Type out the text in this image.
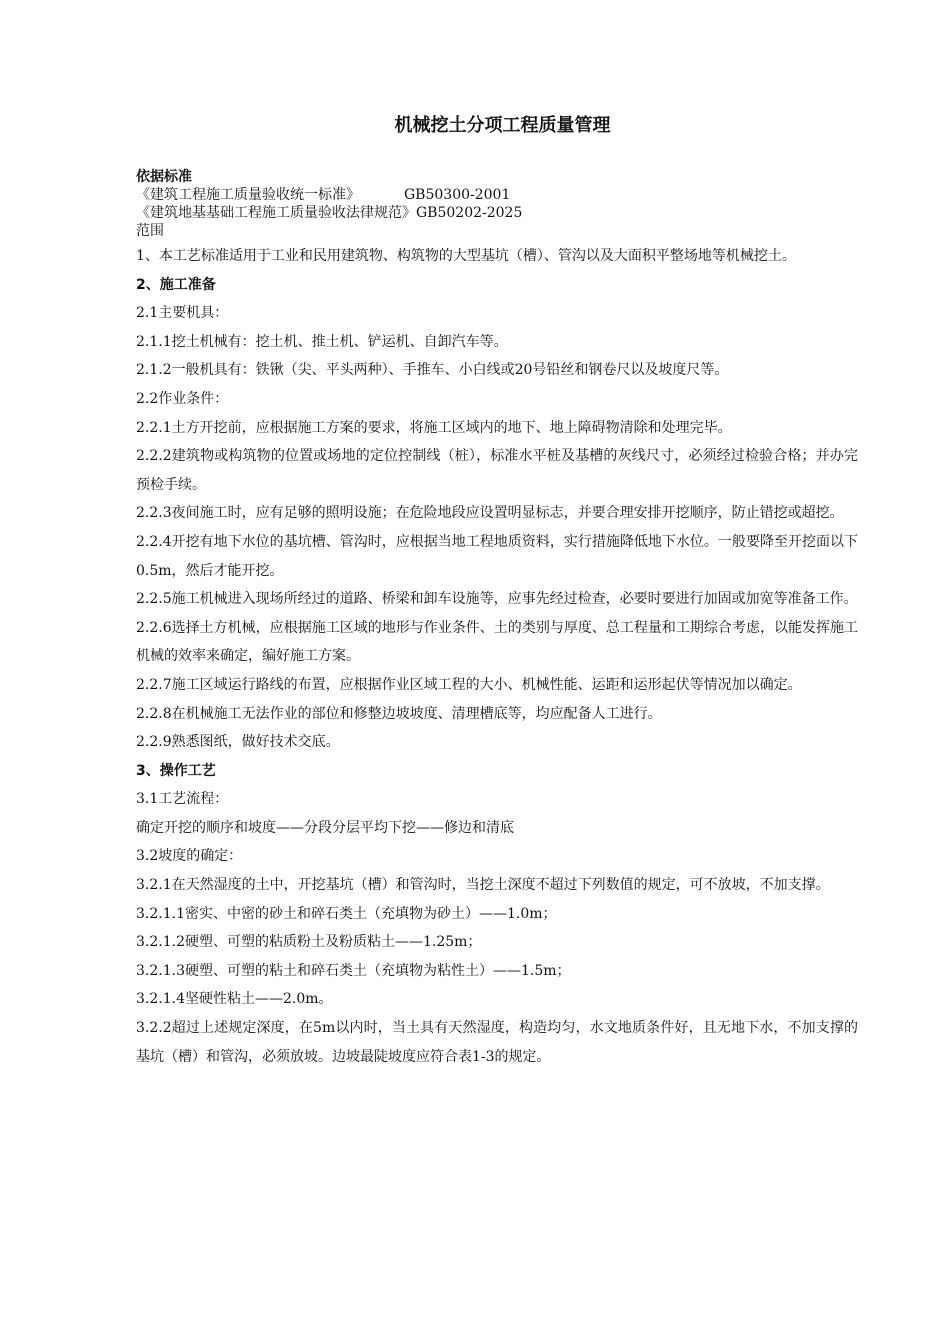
机械挖土分项工程质量管理
依据标准
《建筑工程施工质量验收统一标准》	GB50300-2001
《建筑地基基础工程施工质量验收法律规范》GB50202-2025
范围

1、本工艺标准适用于工业和民用建筑物、构筑物的大型基坑（槽）、管沟以及大面积平整场地等机械挖土。

2、施工准备

2.1主要机具：

2.1.1挖土机械有：挖土机、推土机、铲运机、自卸汽车等。

2.1.2一般机具有：铁锹（尖、平头两种）、手推车、小白线或20号铅丝和钢卷尺以及坡度尺等。

2.2作业条件：

2.2.1土方开挖前，应根据施工方案的要求，将施工区域内的地下、地上障碍物清除和处理完毕。

2.2.2建筑物或构筑物的位置或场地的定位控制线（桩），标准水平桩及基槽的灰线尺寸，必须经过检验合格；并办完预检手续。

2.2.3夜间施工时，应有足够的照明设施；在危险地段应设置明显标志，并要合理安排开挖顺序，防止错挖或超挖。

2.2.4开挖有地下水位的基坑槽、管沟时，应根据当地工程地质资料，实行措施降低地下水位。一般要降至开挖面以下0.5m，然后才能开挖。

2.2.5施工机械进入现场所经过的道路、桥梁和卸车设施等，应事先经过检查，必要时要进行加固或加宽等准备工作。

2.2.6选择土方机械，应根据施工区域的地形与作业条件、土的类别与厚度、总工程量和工期综合考虑，以能发挥施工机械的效率来确定，编好施工方案。

2.2.7施工区域运行路线的布置，应根据作业区域工程的大小、机械性能、运距和运形起伏等情况加以确定。

2.2.8在机械施工无法作业的部位和修整边坡坡度、清理槽底等，均应配备人工进行。

2.2.9熟悉图纸，做好技术交底。

3、操作工艺

3.1工艺流程：

确定开挖的顺序和坡度——分段分层平均下挖——修边和清底

3.2坡度的确定：

3.2.1在天然湿度的土中，开挖基坑（槽）和管沟时，当挖土深度不超过下列数值的规定，可不放坡，不加支撑。

3.2.1.1密实、中密的砂土和碎石类土（充填物为砂土）——1.0m；

3.2.1.2硬塑、可塑的粘质粉土及粉质粘土——1.25m；

3.2.1.3硬塑、可塑的粘土和碎石类土（充填物为粘性土）——1.5m；

3.2.1.4坚硬性粘土——2.0m。

3.2.2超过上述规定深度，在5m以内时，当土具有天然湿度，构造均匀，水文地质条件好，且无地下水，不加支撑的基坑（槽）和管沟，必须放坡。边坡最陡坡度应符合表1-3的规定。
